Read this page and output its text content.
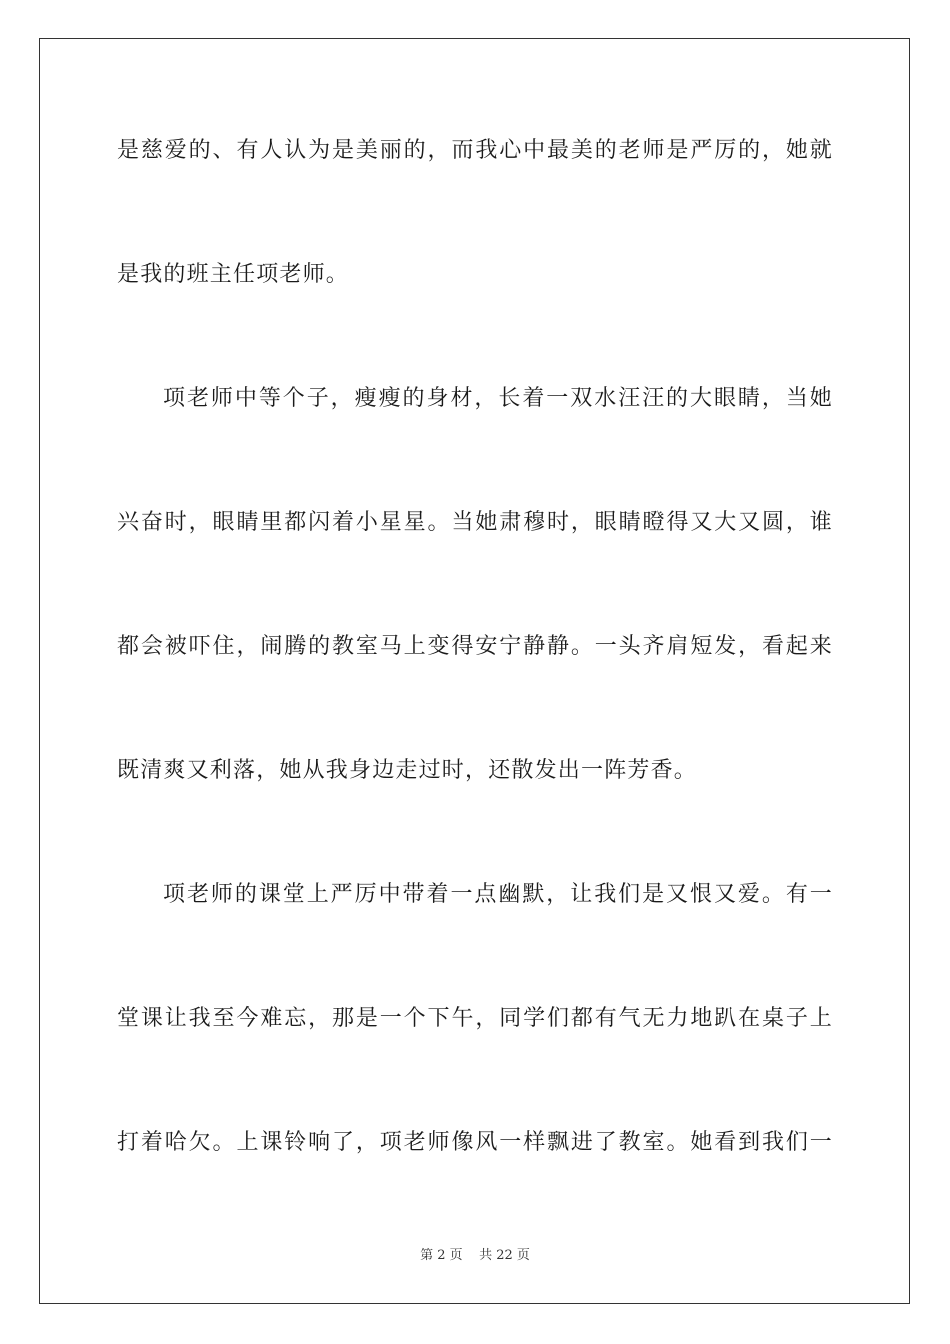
是慈爱的、有人认为是美丽的，而我心中最美的老师是严厉的，她就
是我的班主任项老师。
项老师中等个子，瘦瘦的身材，长着一双水汪汪的大眼睛，当她
兴奋时，眼睛里都闪着小星星。当她肃穆时，眼睛瞪得又大又圆，谁
都会被吓住，闹腾的教室马上变得安宁静静。一头齐肩短发，看起来
既清爽又利落，她从我身边走过时，还散发出一阵芳香。
项老师的课堂上严厉中带着一点幽默，让我们是又恨又爱。有一
堂课让我至今难忘，那是一个下午，同学们都有气无力地趴在桌子上
打着哈欠。上课铃响了，项老师像风一样飘进了教室。她看到我们一
第 2 页    共 22 页
